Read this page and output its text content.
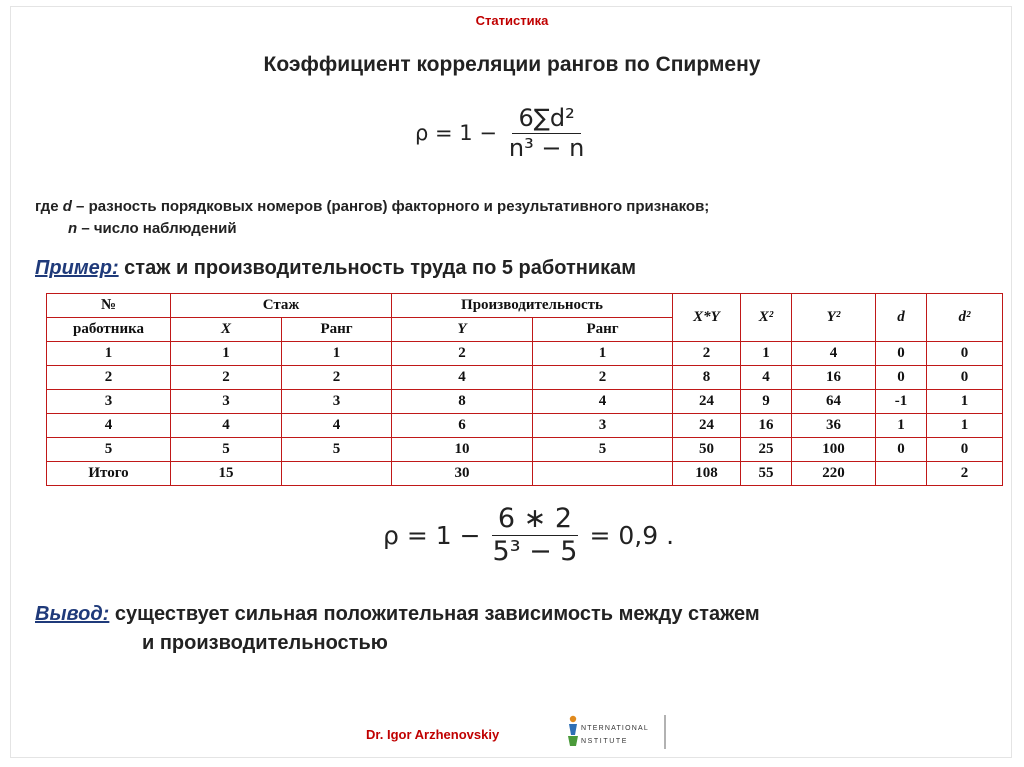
Статистика
Коэффициент корреляции рангов по Спирмену
$\rho = 1 - \frac{\text{6∑d²}}{\text{n³ − n}}$
где d – разность порядковых номеров (рангов) факторного и результативного признаков;
n – число наблюдений
Пример: стаж и производительность труда по 5 работникам
№	Стаж		Производительность		X*Y	X²	Y²	d	d²
работника	X	Ранг	Y	Ранг					
1	1	1	2	1	2	1	4	0	0
2	2	2	4	2	8	4	16	0	0
3	3	3	8	4	24	9	64	-1	1
4	4	4	6	3	24	16	36	1	1
5	5	5	10	5	50	25	100	0	0
Итого	15		30		108	55	220		2
$\rho = 1 - \frac{6 ∗ 2}{\text{5³ − 5}} = 0,9$ .
Вывод: существует сильная положительная зависимость между стажем
и производительностью
Dr. Igor Arzhenovskiy	NTERNATIONAL
NSTITUTE
